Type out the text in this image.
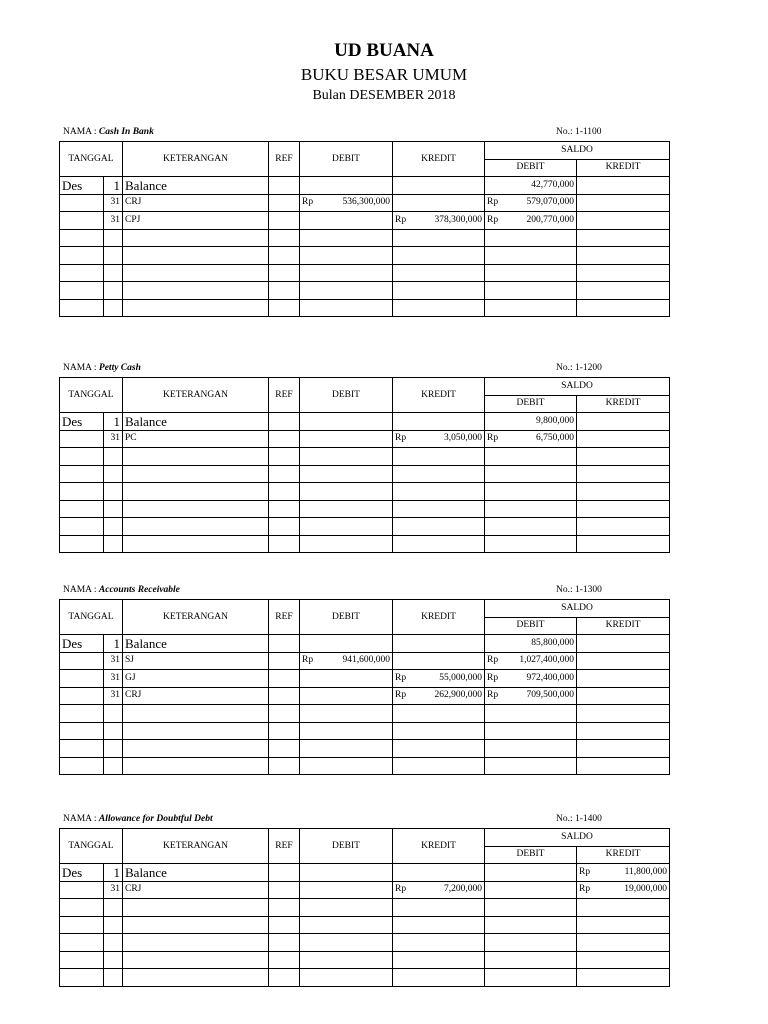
UD BUANA
BUKU BESAR UMUM
Bulan DESEMBER 2018
NAMA : Cash In Bank	No.: 1-1100
TANGGAL		KETERANGAN	REF	DEBIT	KREDIT	SALDO	
						DEBIT	KREDIT
Des	1	Balance				42,770,000	
	31	CRJ		Rp 536,300,000		Rp 579,070,000	

	31	CPJ			Rp 378,300,000	Rp 200,770,000	

NAMA : Petty Cash	No.: 1-1200
TANGGAL		KETERANGAN	REF	DEBIT	KREDIT	SALDO	
						DEBIT	KREDIT
Des	1	Balance				9,800,000	
	31	PC			Rp 3,050,000	Rp 6,750,000	

NAMA : Accounts Receivable	No.: 1-1300
TANGGAL		KETERANGAN	REF	DEBIT	KREDIT	SALDO	
						DEBIT	KREDIT
Des	1	Balance				85,800,000	
	31	SJ		Rp 941,600,000		Rp 1,027,400,000	

	31	GJ			Rp 55,000,000	Rp 972,400,000	

	31	CRJ			Rp 262,900,000	Rp 709,500,000	

NAMA : Allowance for Doubtful Debt	No.: 1-1400
TANGGAL		KETERANGAN	REF	DEBIT	KREDIT	SALDO	
						DEBIT	KREDIT
Des	1	Balance					Rp 11,800,000

	31	CRJ			Rp 7,200,000		Rp 19,000,000
